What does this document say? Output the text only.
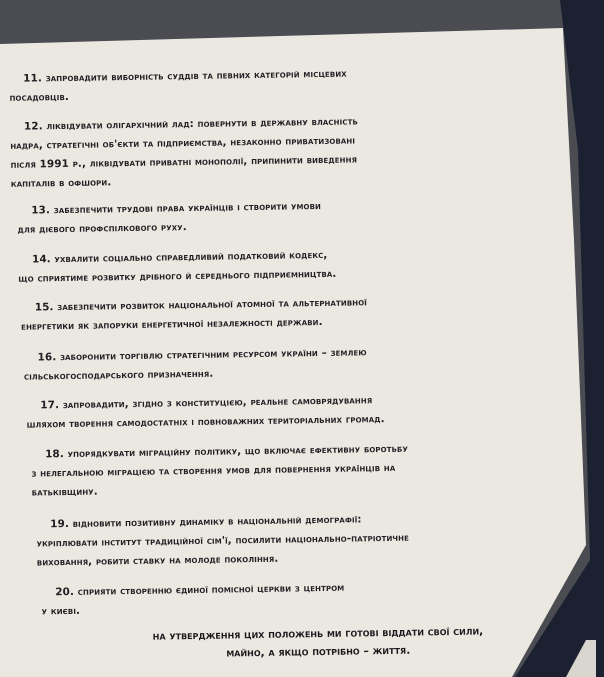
11. запровадити виборність суддів та певних категорій місцевих
посадовців.
12. ліквідувати олігархічний лад: повернути в державну власність
надра, стратегічні об'єкти та підприємства, незаконно приватизовані
після 1991 р., ліквідувати приватні монополії, припинити виведення
капіталів в офшори.
13. забезпечити трудові права українців і створити умови
для дієвого профспілкового руху.
14. ухвалити соціально справедливий податковий кодекс,
що сприятиме розвитку дрібного й середнього підприємництва.
15. забезпечити розвиток національної атомної та альтернативної
енергетики як запоруки енергетичної незалежності держави.
16. заборонити торгівлю стратегічним ресурсом україни – землею
сільськогосподарського призначення.
17. запровадити, згідно з конституцією, реальне самоврядування
шляхом творення самодостатніх і повноважних територіальних громад.
18. упорядкувати міграційну політику, що включає ефективну боротьбу
з нелегальною міграцією та створення умов для повернення українців на
батьківщину.
19. відновити позитивну динаміку в національній демографії:
укріплювати інститут традиційної сім'ї, посилити національно-патріотичне
виховання, робити ставку на молоде покоління.
20. сприяти створенню єдиної помісної церкви з центром
у києві.
на утвердження цих положень ми готові віддати свої сили,
майно, а якщо потрібно – життя.
